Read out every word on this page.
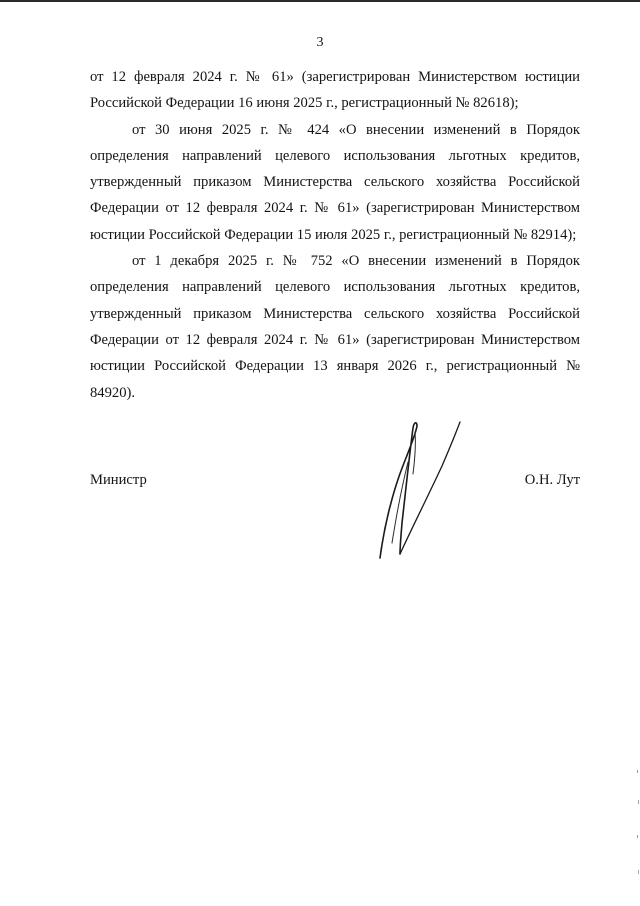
3

от 12 февраля 2024 г. № 61» (зарегистрирован Министерством юстиции Российской Федерации 16 июня 2025 г., регистрационный № 82618);

от 30 июня 2025 г. № 424 «О внесении изменений в Порядок определения направлений целевого использования льготных кредитов, утвержденный приказом Министерства сельского хозяйства Российской Федерации от 12 февраля 2024 г. № 61» (зарегистрирован Министерством юстиции Российской Федерации 15 июля 2025 г., регистрационный № 82914);

от 1 декабря 2025 г. № 752 «О внесении изменений в Порядок определения направлений целевого использования льготных кредитов, утвержденный приказом Министерства сельского хозяйства Российской Федерации от 12 февраля 2024 г. № 61» (зарегистрирован Министерством юстиции Российской Федерации 13 января 2026 г., регистрационный № 84920).

Министр	О.Н. Лут
